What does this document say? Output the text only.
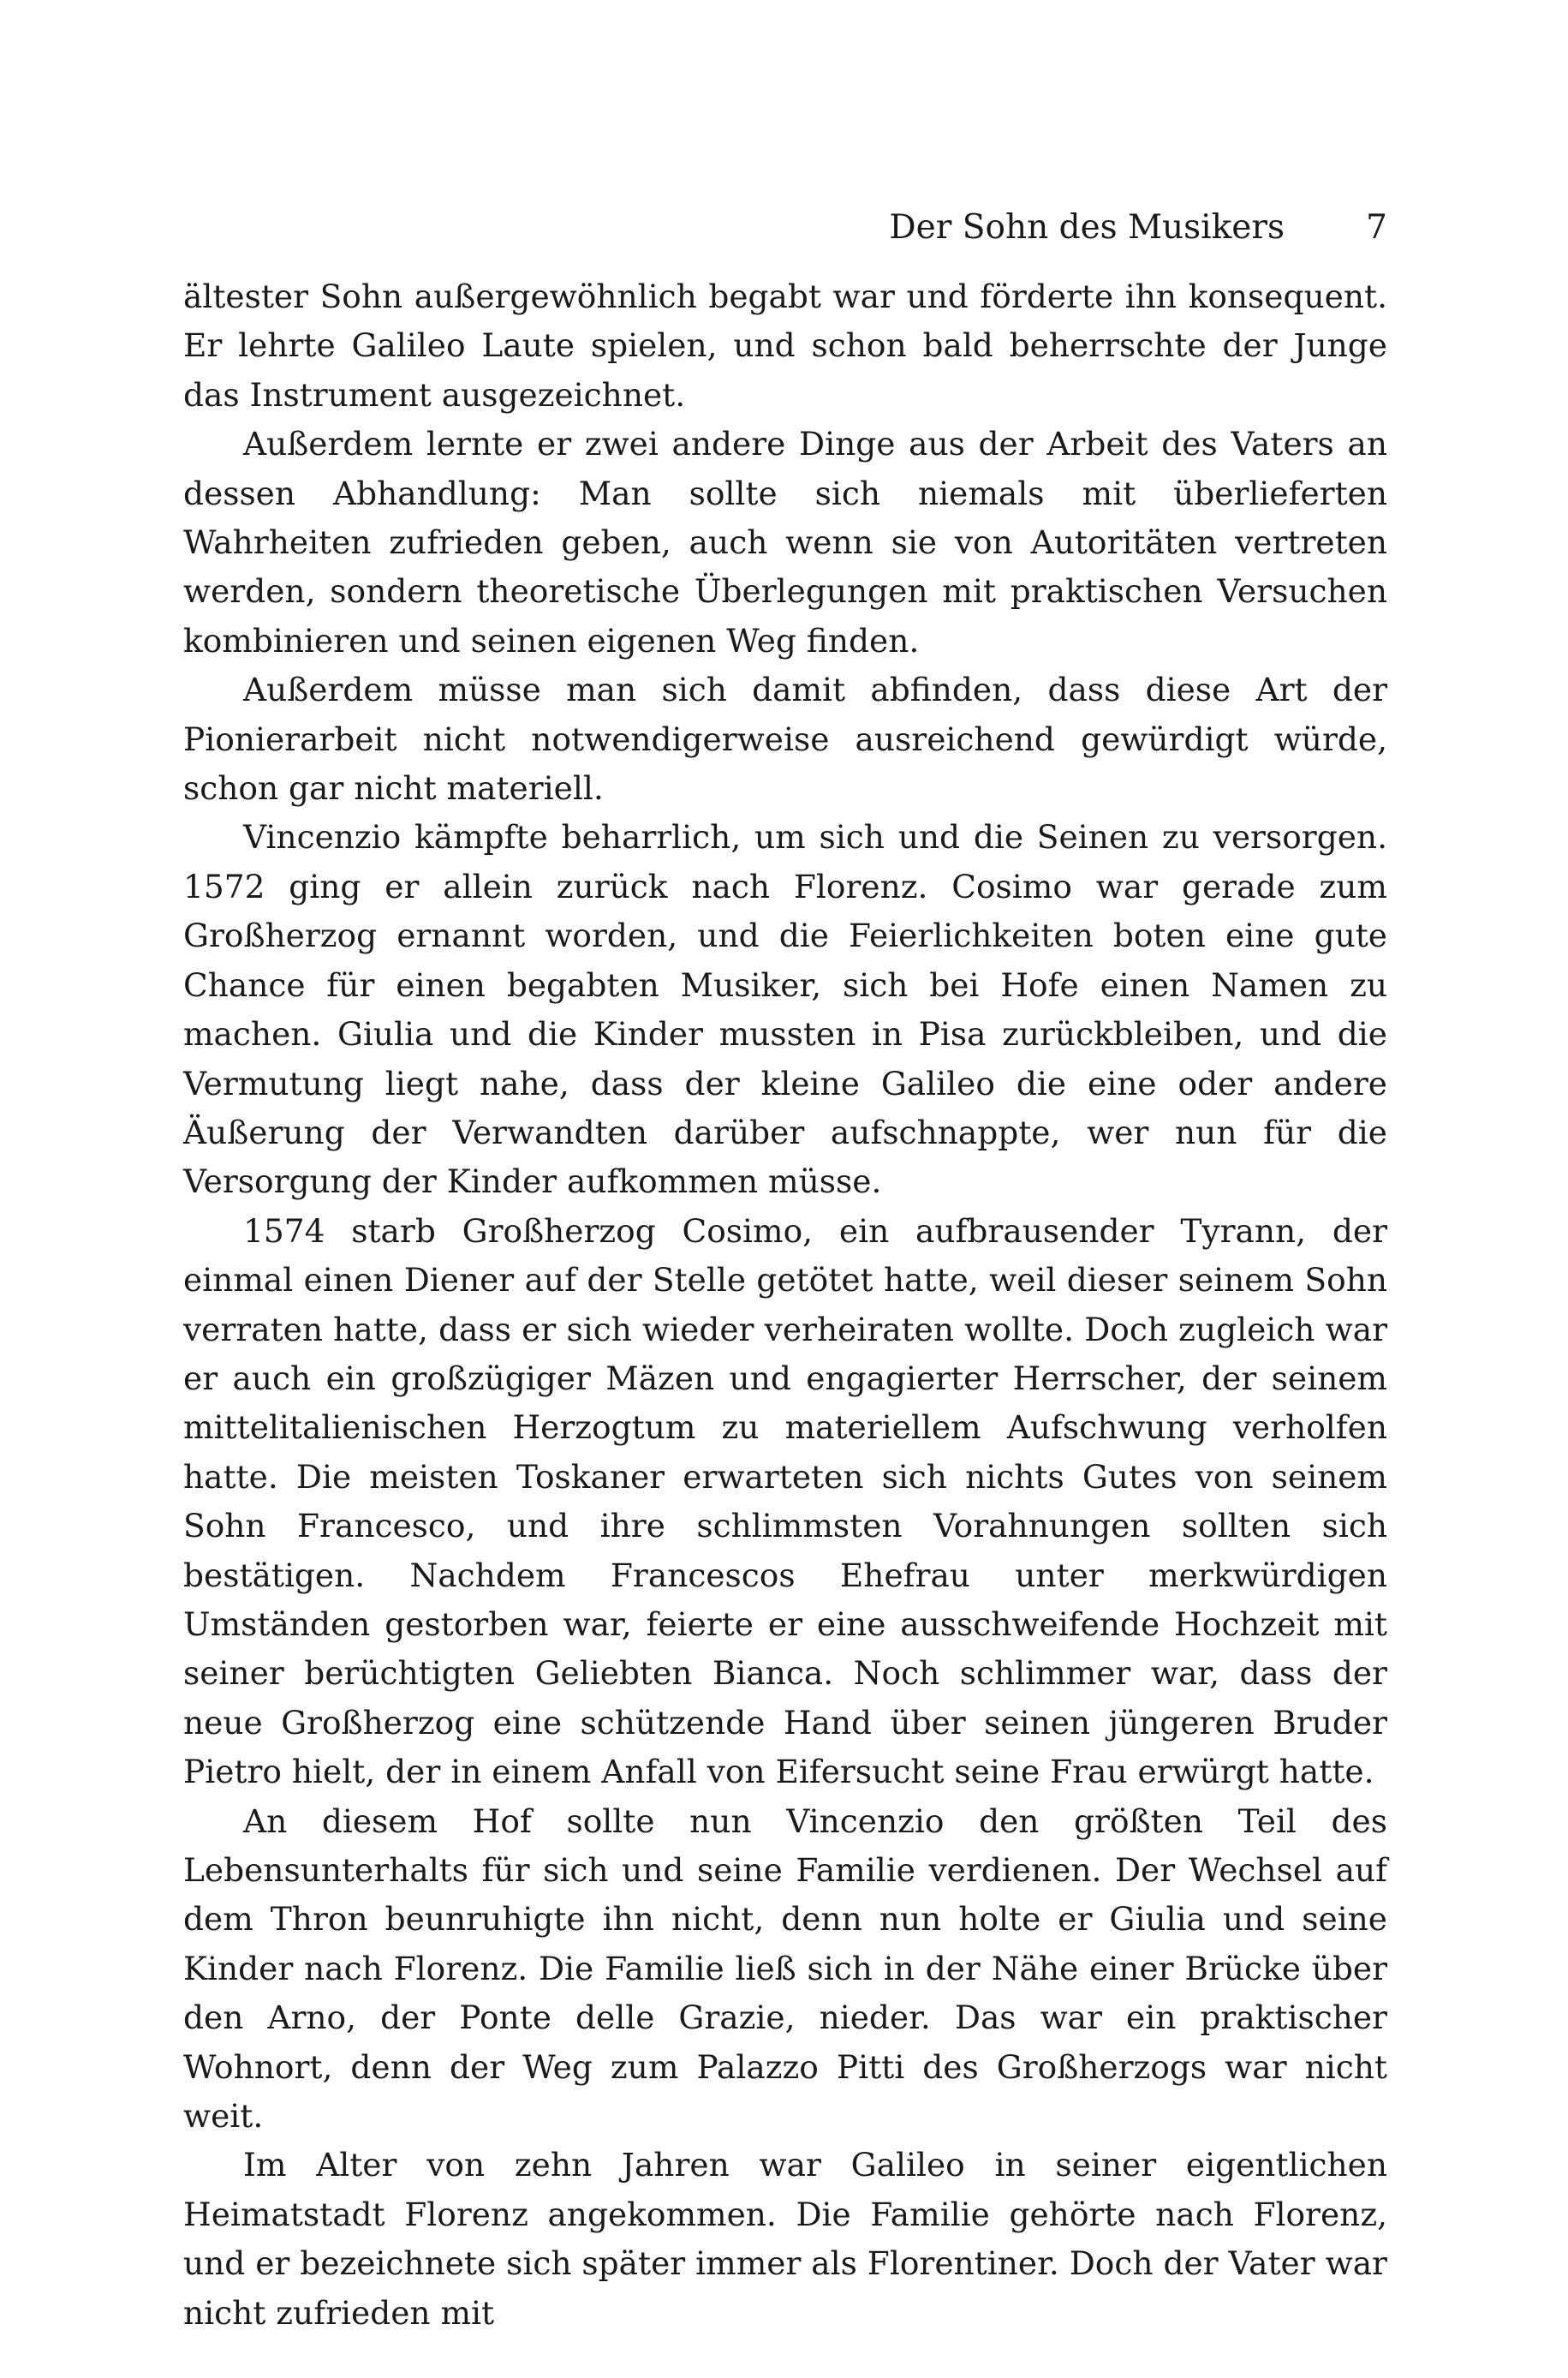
Der Sohn des Musikers 7

ältester Sohn außergewöhnlich begabt war und förderte ihn konsequent. Er lehrte Galileo Laute spielen, und schon bald beherrschte der Junge das Instrument ausgezeichnet.

Außerdem lernte er zwei andere Dinge aus der Arbeit des Vaters an dessen Abhandlung: Man sollte sich niemals mit überlieferten Wahrheiten zufrieden geben, auch wenn sie von Autoritäten vertreten werden, sondern theoretische Überlegungen mit praktischen Versuchen kombinieren und seinen eigenen Weg finden.

Außerdem müsse man sich damit abfinden, dass diese Art der Pionierarbeit nicht notwendigerweise ausreichend gewürdigt würde, schon gar nicht materiell.

Vincenzio kämpfte beharrlich, um sich und die Seinen zu versorgen. 1572 ging er allein zurück nach Florenz. Cosimo war gerade zum Großherzog ernannt worden, und die Feierlichkeiten boten eine gute Chance für einen begabten Musiker, sich bei Hofe einen Namen zu machen. Giulia und die Kinder mussten in Pisa zurückbleiben, und die Vermutung liegt nahe, dass der kleine Galileo die eine oder andere Äußerung der Verwandten darüber aufschnappte, wer nun für die Versorgung der Kinder aufkommen müsse.

1574 starb Großherzog Cosimo, ein aufbrausender Tyrann, der einmal einen Diener auf der Stelle getötet hatte, weil dieser seinem Sohn verraten hatte, dass er sich wieder verheiraten wollte. Doch zugleich war er auch ein großzügiger Mäzen und engagierter Herrscher, der seinem mittelitalienischen Herzogtum zu materiellem Aufschwung verholfen hatte. Die meisten Toskaner erwarteten sich nichts Gutes von seinem Sohn Francesco, und ihre schlimmsten Vorahnungen sollten sich bestätigen. Nachdem Francescos Ehefrau unter merkwürdigen Umständen gestorben war, feierte er eine ausschweifende Hochzeit mit seiner berüchtigten Geliebten Bianca. Noch schlimmer war, dass der neue Großherzog eine schützende Hand über seinen jüngeren Bruder Pietro hielt, der in einem Anfall von Eifersucht seine Frau erwürgt hatte.

An diesem Hof sollte nun Vincenzio den größten Teil des Lebensunterhalts für sich und seine Familie verdienen. Der Wechsel auf dem Thron beunruhigte ihn nicht, denn nun holte er Giulia und seine Kinder nach Florenz. Die Familie ließ sich in der Nähe einer Brücke über den Arno, der Ponte delle Grazie, nieder. Das war ein praktischer Wohnort, denn der Weg zum Palazzo Pitti des Großherzogs war nicht weit.

Im Alter von zehn Jahren war Galileo in seiner eigentlichen Heimatstadt Florenz angekommen. Die Familie gehörte nach Florenz, und er bezeichnete sich später immer als Florentiner. Doch der Vater war nicht zufrieden mit
